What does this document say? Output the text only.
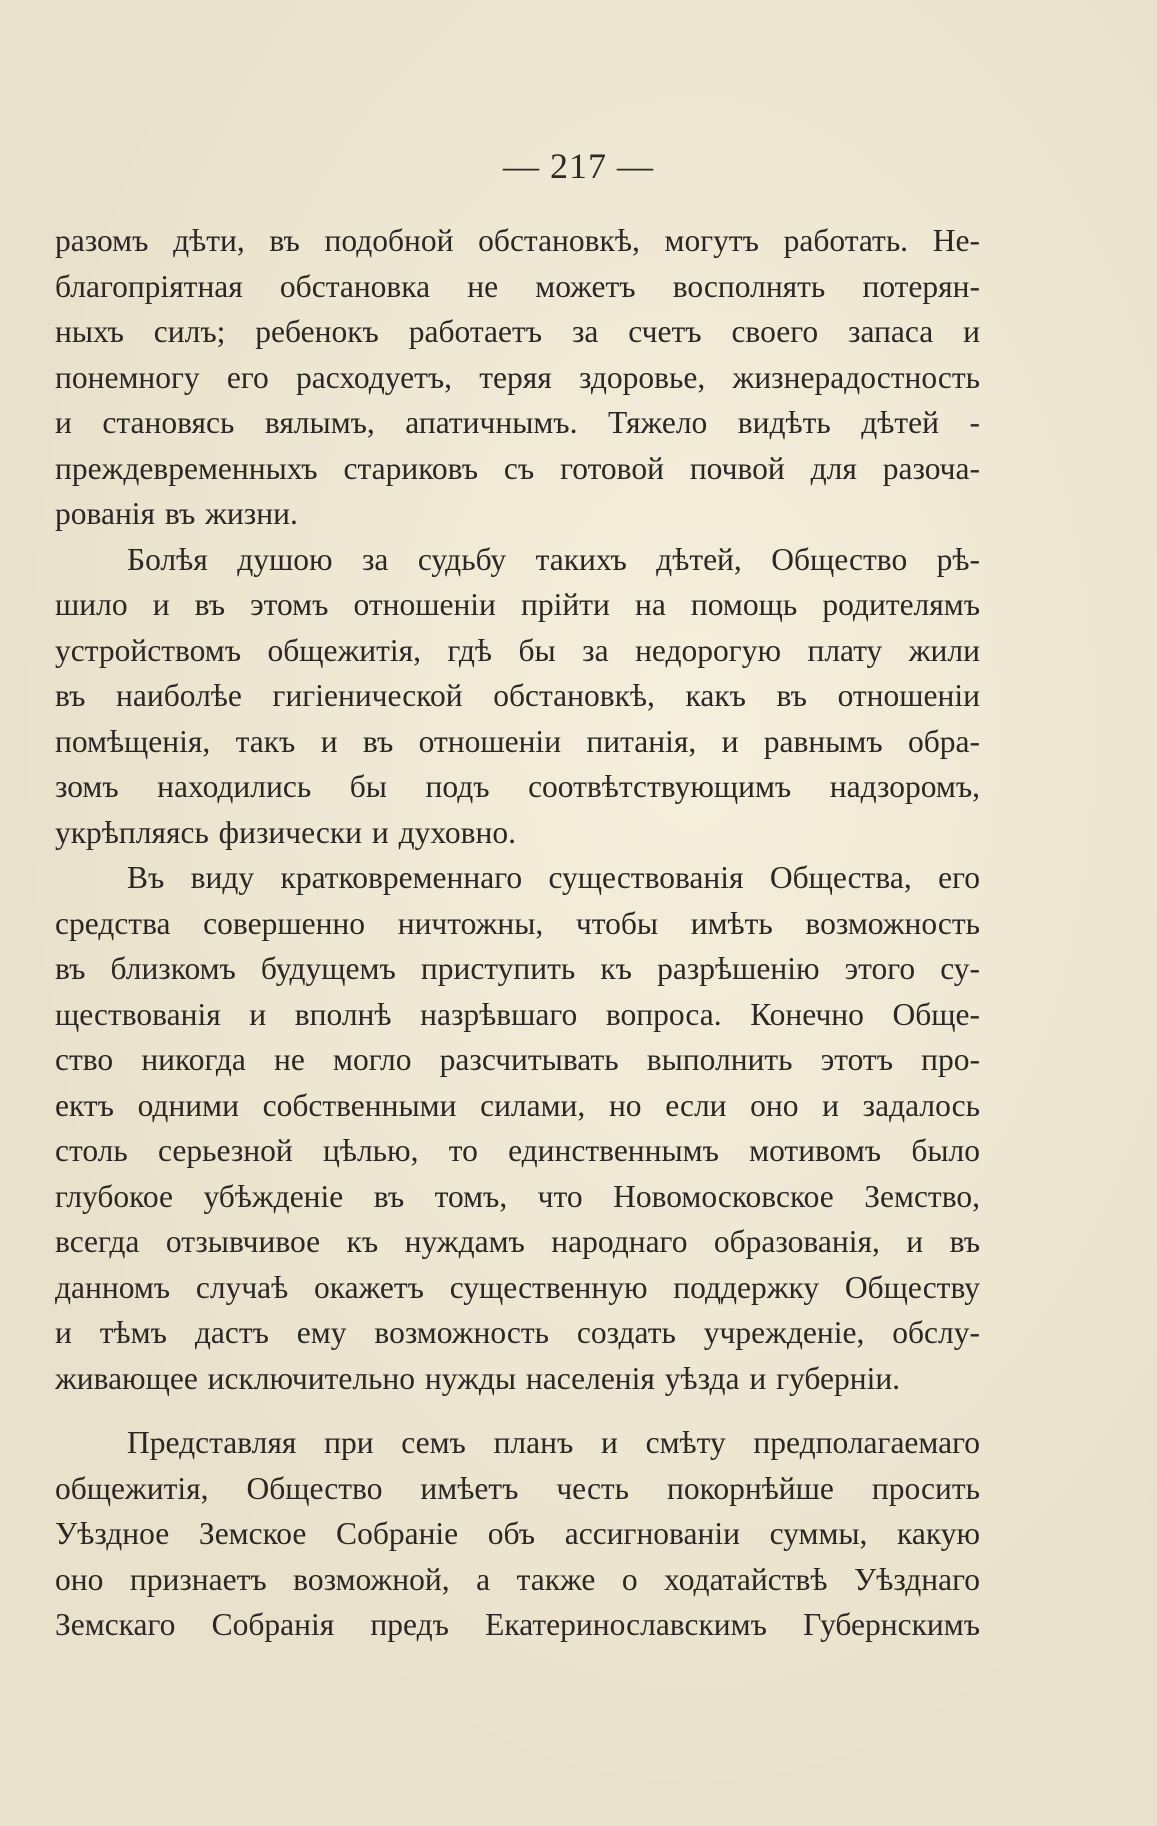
— 217 —
разомъ дѣти, въ подобной обстановкѣ, могутъ работать. Не-
благопріятная обстановка не можетъ восполнять потерян-
ныхъ силъ; ребенокъ работаетъ за счетъ своего запаса и
понемногу его расходуетъ, теряя здоровье, жизнерадостность
и становясь вялымъ, апатичнымъ. Тяжело видѣть дѣтей -
преждевременныхъ стариковъ съ готовой почвой для разоча-
рованія въ жизни.
Болѣя душою за судьбу такихъ дѣтей, Общество рѣ-
шило и въ этомъ отношеніи прійти на помощь родителямъ
устройствомъ общежитія, гдѣ бы за недорогую плату жили
въ наиболѣе гигіенической обстановкѣ, какъ въ отношеніи
помѣщенія, такъ и въ отношеніи питанія, и равнымъ обра-
зомъ находились бы подъ соотвѣтствующимъ надзоромъ,
укрѣпляясь физически и духовно.
Въ виду кратковременнаго существованія Общества, его
средства совершенно ничтожны, чтобы имѣть возможность
въ близкомъ будущемъ приступить къ разрѣшенію этого су-
ществованія и вполнѣ назрѣвшаго вопроса. Конечно Обще-
ство никогда не могло разсчитывать выполнить этотъ про-
ектъ одними собственными силами, но если оно и задалось
столь серьезной цѣлью, то единственнымъ мотивомъ было
глубокое убѣжденіе въ томъ, что Новомосковское Земство,
всегда отзывчивое къ нуждамъ народнаго образованія, и въ
данномъ случаѣ окажетъ существенную поддержку Обществу
и тѣмъ дастъ ему возможность создать учрежденіе, обслу-
живающее исключительно нужды населенія уѣзда и губерніи.
Представляя при семъ планъ и смѣту предполагаемаго
общежитія, Общество имѣетъ честь покорнѣйше просить
Уѣздное Земское Собраніе объ ассигнованіи суммы, какую
оно признаетъ возможной, а также о ходатайствѣ Уѣзднаго
Земскаго Собранія предъ Екатеринославскимъ Губернскимъ
